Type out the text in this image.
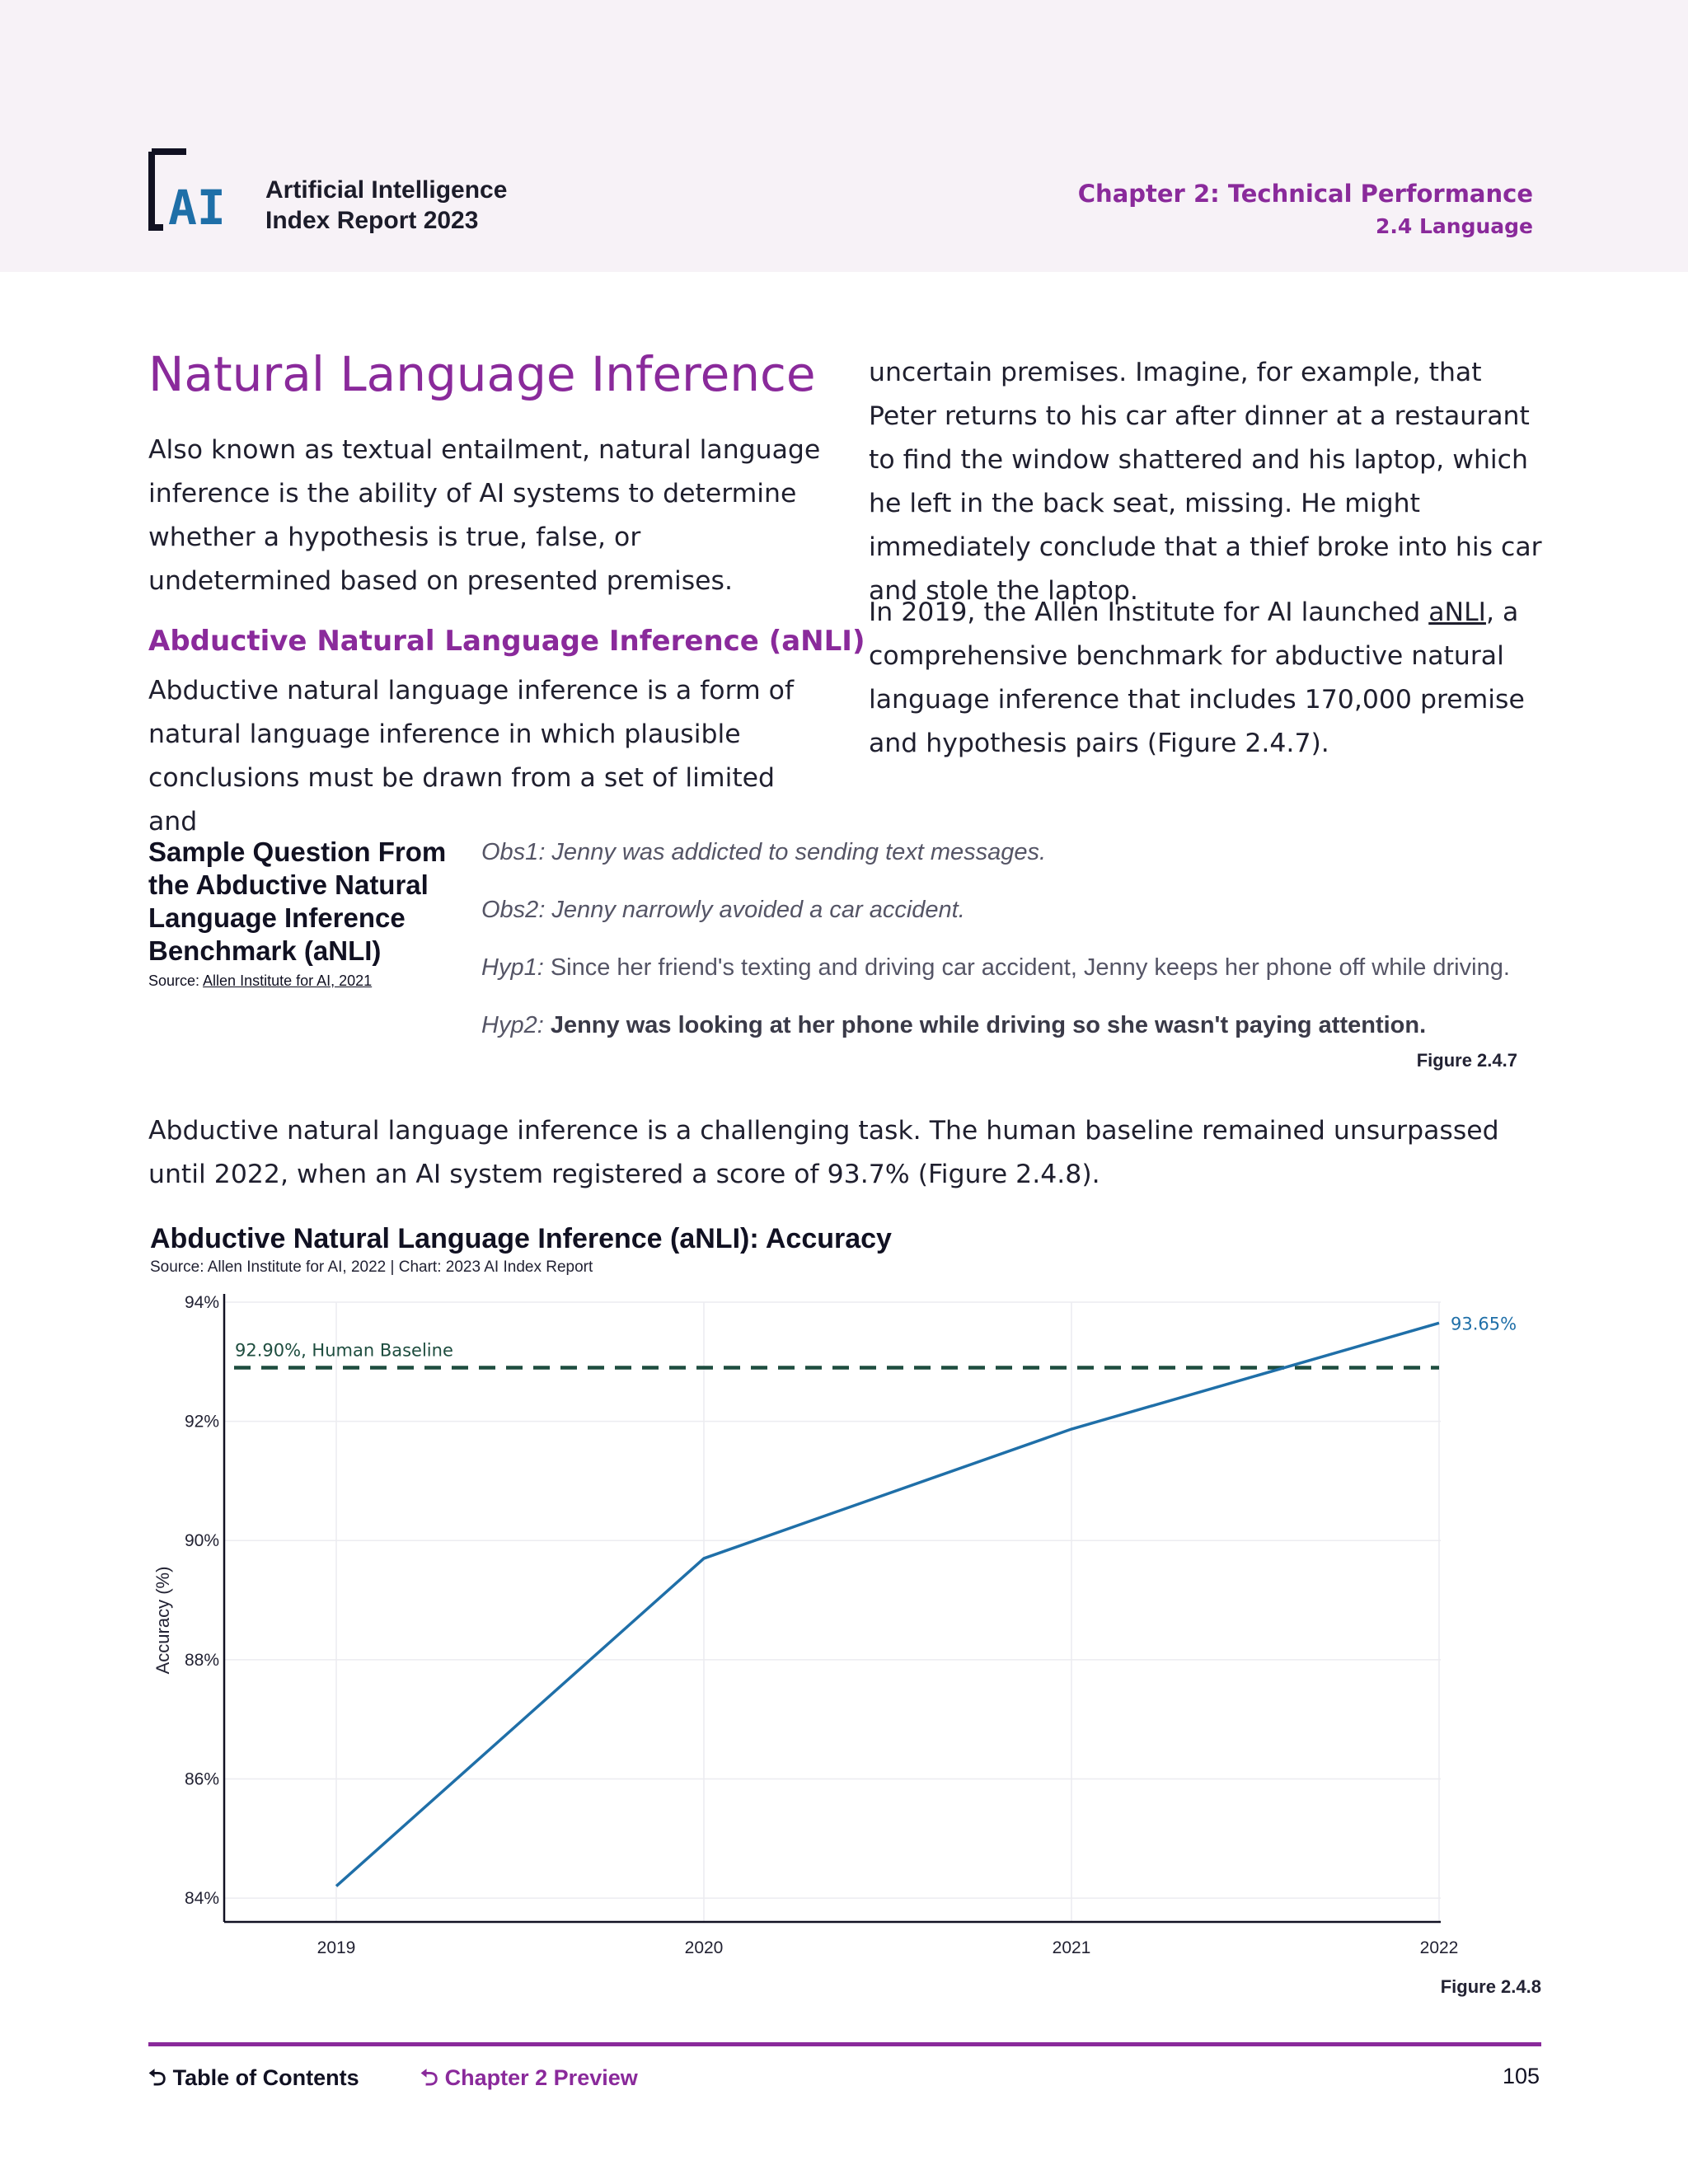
AI Artificial Intelligence
Index Report 2023
Chapter 2: Technical Performance
2.4 Language
Natural Language Inference
Also known as textual entailment, natural language inference is the ability of AI systems to determine whether a hypothesis is true, false, or undetermined based on presented premises.
Abductive Natural Language Inference (aNLI)
Abductive natural language inference is a form of natural language inference in which plausible conclusions must be drawn from a set of limited and
uncertain premises. Imagine, for example, that Peter returns to his car after dinner at a restaurant to find the window shattered and his laptop, which he left in the back seat, missing. He might immediately conclude that a thief broke into his car and stole the laptop.
In 2019, the Allen Institute for AI launched aNLI, a comprehensive benchmark for abductive natural language inference that includes 170,000 premise and hypothesis pairs (Figure 2.4.7).
Sample Question From the Abductive Natural Language Inference Benchmark (aNLI)
Source: Allen Institute for AI, 2021
Obs1: Jenny was addicted to sending text messages.
Obs2: Jenny narrowly avoided a car accident.
Hyp1: Since her friend's texting and driving car accident, Jenny keeps her phone off while driving.
Hyp2: Jenny was looking at her phone while driving so she wasn't paying attention.
Figure 2.4.7
Abductive natural language inference is a challenging task. The human baseline remained unsurpassed until 2022, when an AI system registered a score of 93.7% (Figure 2.4.8).
Abductive Natural Language Inference (aNLI): Accuracy
Source: Allen Institute for AI, 2022 | Chart: 2023 AI Index Report
84%
86%
88%
90%
92%
94%
2019	2020	2021	2022
Accuracy (%)
92.90%, Human Baseline
93.65%
Figure 2.4.8
⮌ Table of Contents	⮌ Chapter 2 Preview	105
